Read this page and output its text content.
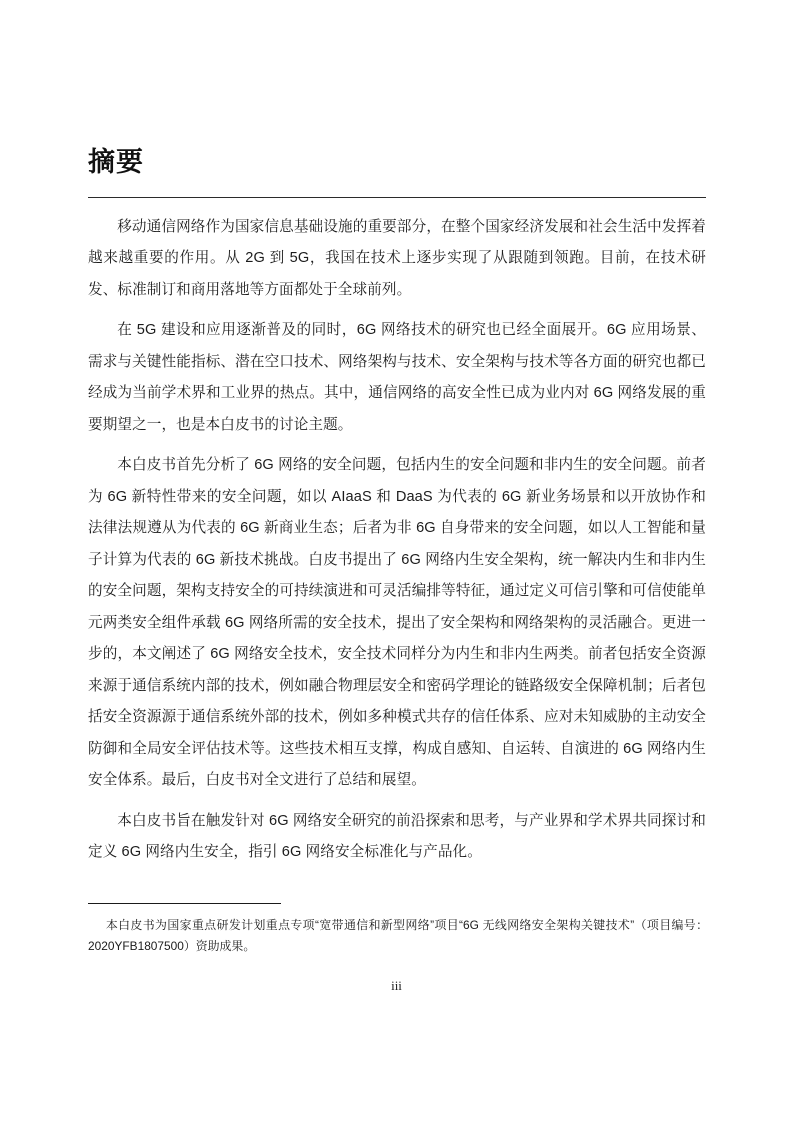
摘要

移动通信网络作为国家信息基础设施的重要部分，在整个国家经济发展和社会生活中发挥着越来越重要的作用。从 2G 到 5G，我国在技术上逐步实现了从跟随到领跑。目前，在技术研发、标准制订和商用落地等方面都处于全球前列。

在 5G 建设和应用逐渐普及的同时，6G 网络技术的研究也已经全面展开。6G 应用场景、需求与关键性能指标、潜在空口技术、网络架构与技术、安全架构与技术等各方面的研究也都已经成为当前学术界和工业界的热点。其中，通信网络的高安全性已成为业内对 6G 网络发展的重要期望之一，也是本白皮书的讨论主题。

本白皮书首先分析了 6G 网络的安全问题，包括内生的安全问题和非内生的安全问题。前者为 6G 新特性带来的安全问题，如以 AIaaS 和 DaaS 为代表的 6G 新业务场景和以开放协作和法律法规遵从为代表的 6G 新商业生态；后者为非 6G 自身带来的安全问题，如以人工智能和量子计算为代表的 6G 新技术挑战。白皮书提出了 6G 网络内生安全架构，统一解决内生和非内生的安全问题，架构支持安全的可持续演进和可灵活编排等特征，通过定义可信引擎和可信使能单元两类安全组件承载 6G 网络所需的安全技术，提出了安全架构和网络架构的灵活融合。更进一步的，本文阐述了 6G 网络安全技术，安全技术同样分为内生和非内生两类。前者包括安全资源来源于通信系统内部的技术，例如融合物理层安全和密码学理论的链路级安全保障机制；后者包括安全资源源于通信系统外部的技术，例如多种模式共存的信任体系、应对未知威胁的主动安全防御和全局安全评估技术等。这些技术相互支撑，构成自感知、自运转、自演进的 6G 网络内生安全体系。最后，白皮书对全文进行了总结和展望。

本白皮书旨在触发针对 6G 网络安全研究的前沿探索和思考，与产业界和学术界共同探讨和定义 6G 网络内生安全，指引 6G 网络安全标准化与产品化。

本白皮书为国家重点研发计划重点专项“宽带通信和新型网络”项目“6G 无线网络安全架构关键技术”（项目编号：2020YFB1807500）资助成果。

iii
